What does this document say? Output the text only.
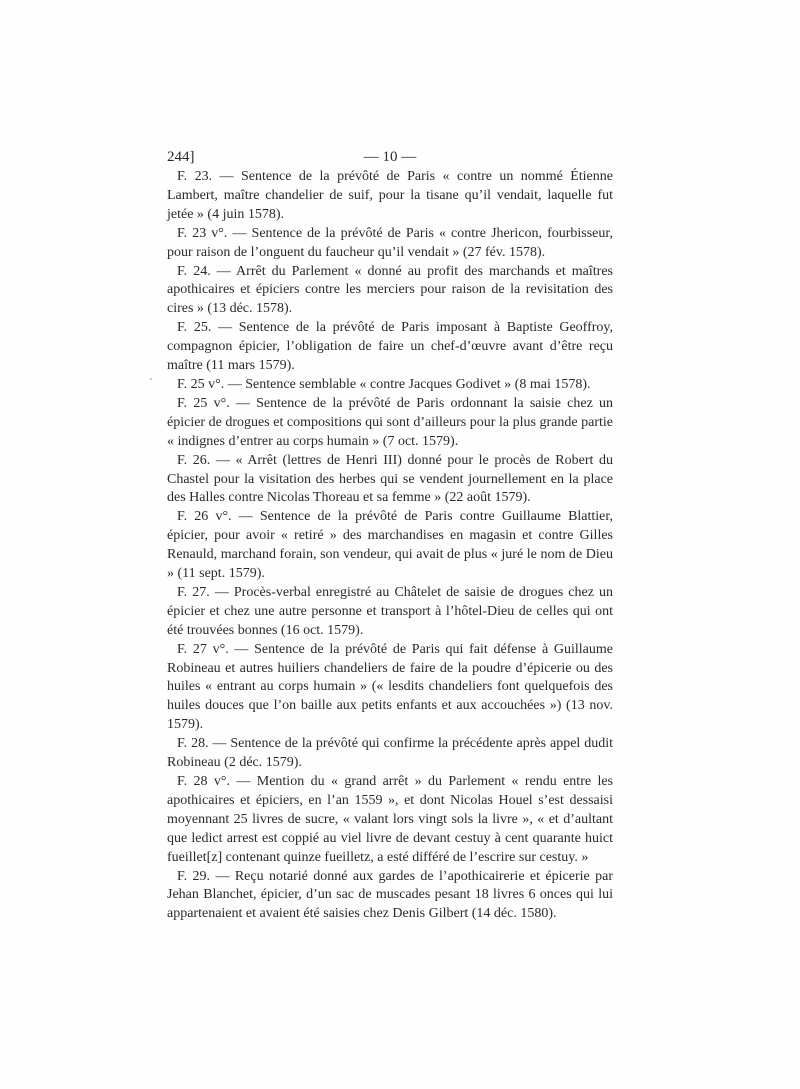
244]	— 10 —

F. 23. — Sentence de la prévôté de Paris « contre un nommé Étienne Lambert, maître chandelier de suif, pour la tisane qu’il vendait, laquelle fut jetée » (4 juin 1578).

F. 23 v°. — Sentence de la prévôté de Paris « contre Jhericon, fourbisseur, pour raison de l’onguent du faucheur qu’il vendait » (27 fév. 1578).

F. 24. — Arrêt du Parlement « donné au profit des marchands et maîtres apothicaires et épiciers contre les merciers pour raison de la revisitation des cires » (13 déc. 1578).

F. 25. — Sentence de la prévôté de Paris imposant à Baptiste Geoffroy, compagnon épicier, l’obligation de faire un chef-d’œuvre avant d’être reçu maître (11 mars 1579).

F. 25 v°. — Sentence semblable « contre Jacques Godivet » (8 mai 1578).

F. 25 v°. — Sentence de la prévôté de Paris ordonnant la saisie chez un épicier de drogues et compositions qui sont d’ailleurs pour la plus grande partie « indignes d’entrer au corps humain » (7 oct. 1579).

F. 26. — « Arrêt (lettres de Henri III) donné pour le procès de Robert du Chastel pour la visitation des herbes qui se vendent journellement en la place des Halles contre Nicolas Thoreau et sa femme » (22 août 1579).

F. 26 v°. — Sentence de la prévôté de Paris contre Guillaume Blattier, épicier, pour avoir « retiré » des marchandises en magasin et contre Gilles Renauld, marchand forain, son vendeur, qui avait de plus « juré le nom de Dieu » (11 sept. 1579).

F. 27. — Procès-verbal enregistré au Châtelet de saisie de drogues chez un épicier et chez une autre personne et transport à l’hôtel-Dieu de celles qui ont été trouvées bonnes (16 oct. 1579).

F. 27 v°. — Sentence de la prévôté de Paris qui fait défense à Guillaume Robineau et autres huiliers chandeliers de faire de la poudre d’épicerie ou des huiles « entrant au corps humain » (« lesdits chandeliers font quelquefois des huiles douces que l’on baille aux petits enfants et aux accouchées ») (13 nov. 1579).

F. 28. — Sentence de la prévôté qui confirme la précédente après appel dudit Robineau (2 déc. 1579).

F. 28 v°. — Mention du « grand arrêt » du Parlement « rendu entre les apothicaires et épiciers, en l’an 1559 », et dont Nicolas Houel s’est dessaisi moyennant 25 livres de sucre, « valant lors vingt sols la livre », « et d’aultant que ledict arrest est coppié au viel livre de devant cestuy à cent quarante huict fueillet[z] contenant quinze fueilletz, a esté différé de l’escrire sur cestuy. »

F. 29. — Reçu notarié donné aux gardes de l’apothicairerie et épicerie par Jehan Blanchet, épicier, d’un sac de muscades pesant 18 livres 6 onces qui lui appartenaient et avaient été saisies chez Denis Gilbert (14 déc. 1580).
